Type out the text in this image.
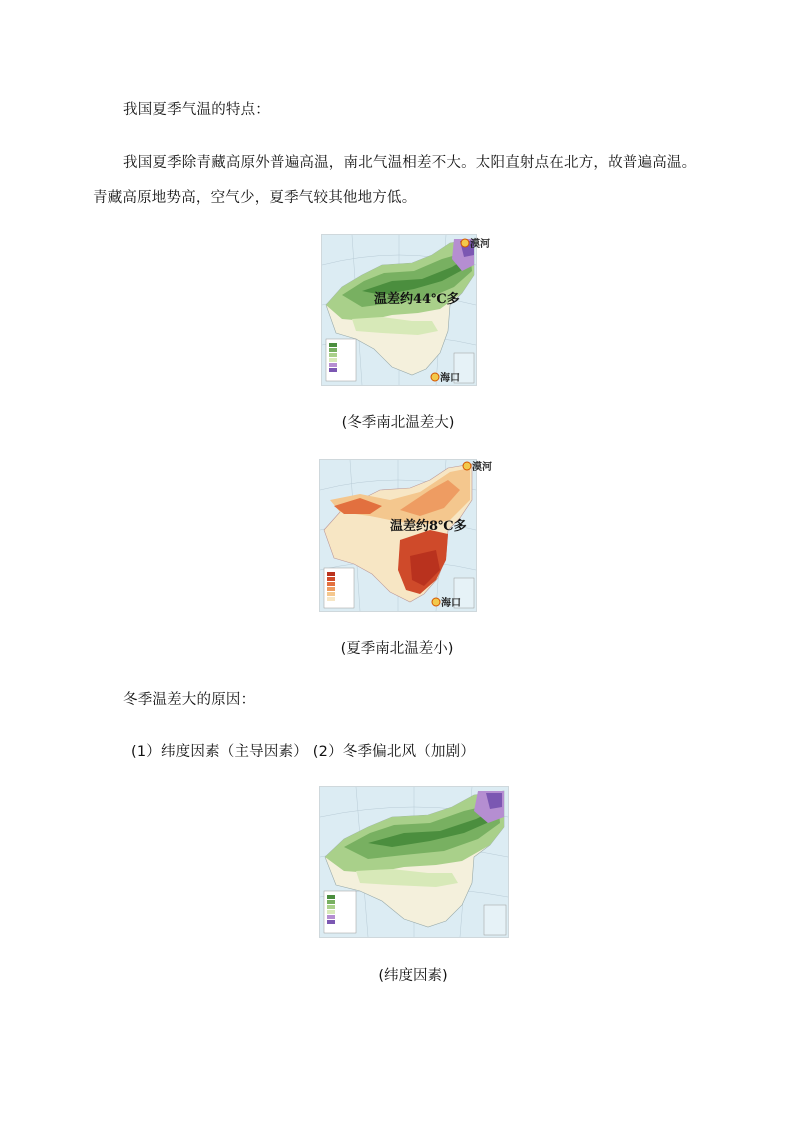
我国夏季气温的特点：
我国夏季除青藏高原外普遍高温，南北气温相差不大。太阳直射点在北方，故普遍高温。
青藏高原地势高，空气少，夏季气较其他地方低。
漠河
海口
温差约44℃多
(冬季南北温差大)
漠河
海口
温差约8℃多
(夏季南北温差小)
冬季温差大的原因：
(1）纬度因素（主导因素） (2）冬季偏北风（加剧）
(纬度因素)
